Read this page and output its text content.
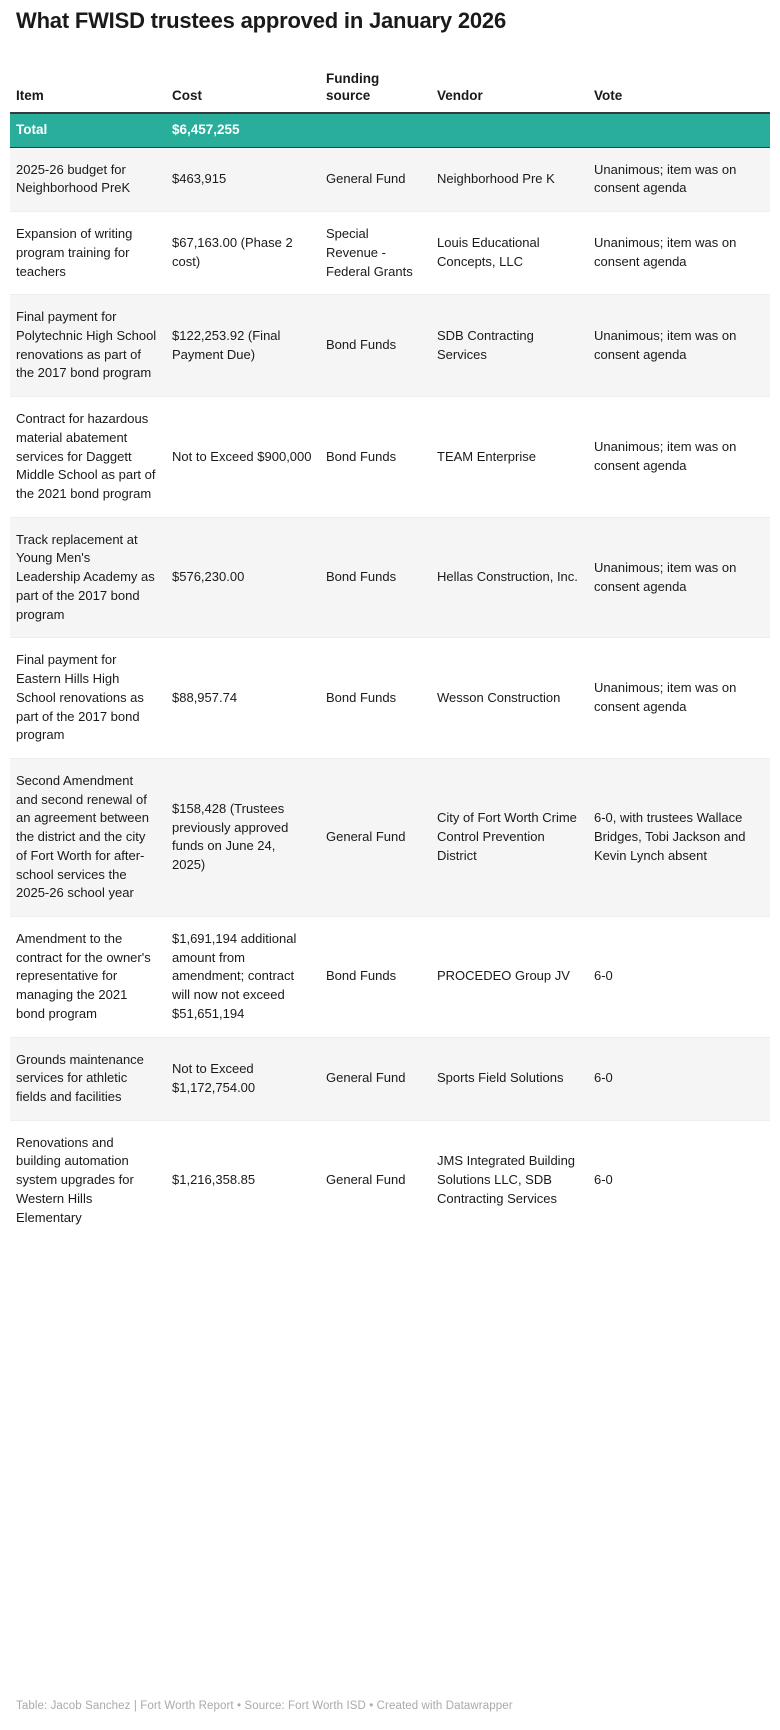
What FWISD trustees approved in January 2026
Item	Cost	Funding source	Vendor	Vote
Total	$6,457,255			
2025-26 budget for Neighborhood PreK	$463,915	General Fund	Neighborhood Pre K	Unanimous; item was on consent agenda
Expansion of writing program training for teachers	$67,163.00 (Phase 2 cost)	Special Revenue - Federal Grants	Louis Educational Concepts, LLC	Unanimous; item was on consent agenda
Final payment for Polytechnic High School renovations as part of the 2017 bond program	$122,253.92 (Final Payment Due)	Bond Funds	SDB Contracting Services	Unanimous; item was on consent agenda
Contract for hazardous material abatement services for Daggett Middle School as part of the 2021 bond program	Not to Exceed $900,000	Bond Funds	TEAM Enterprise	Unanimous; item was on consent agenda
Track replacement at Young Men's Leadership Academy as part of the 2017 bond program	$576,230.00	Bond Funds	Hellas Construction, Inc.	Unanimous; item was on consent agenda
Final payment for Eastern Hills High School renovations as part of the 2017 bond program	$88,957.74	Bond Funds	Wesson Construction	Unanimous; item was on consent agenda
Second Amendment and second renewal of an agreement between the district and the city of Fort Worth for after-school services the 2025-26 school year	$158,428 (Trustees previously approved funds on June 24, 2025)	General Fund	City of Fort Worth Crime Control Prevention District	6-0, with trustees Wallace Bridges, Tobi Jackson and Kevin Lynch absent
Amendment to the contract for the owner's representative for managing the 2021 bond program	$1,691,194 additional amount from amendment; contract will now not exceed $51,651,194	Bond Funds	PROCEDEO Group JV	6-0
Grounds maintenance services for athletic fields and facilities	Not to Exceed $1,172,754.00	General Fund	Sports Field Solutions	6-0
Renovations and building automation system upgrades for Western Hills Elementary	$1,216,358.85	General Fund	JMS Integrated Building Solutions LLC, SDB Contracting Services	6-0
Table: Jacob Sanchez | Fort Worth Report • Source: Fort Worth ISD • Created with Datawrapper
